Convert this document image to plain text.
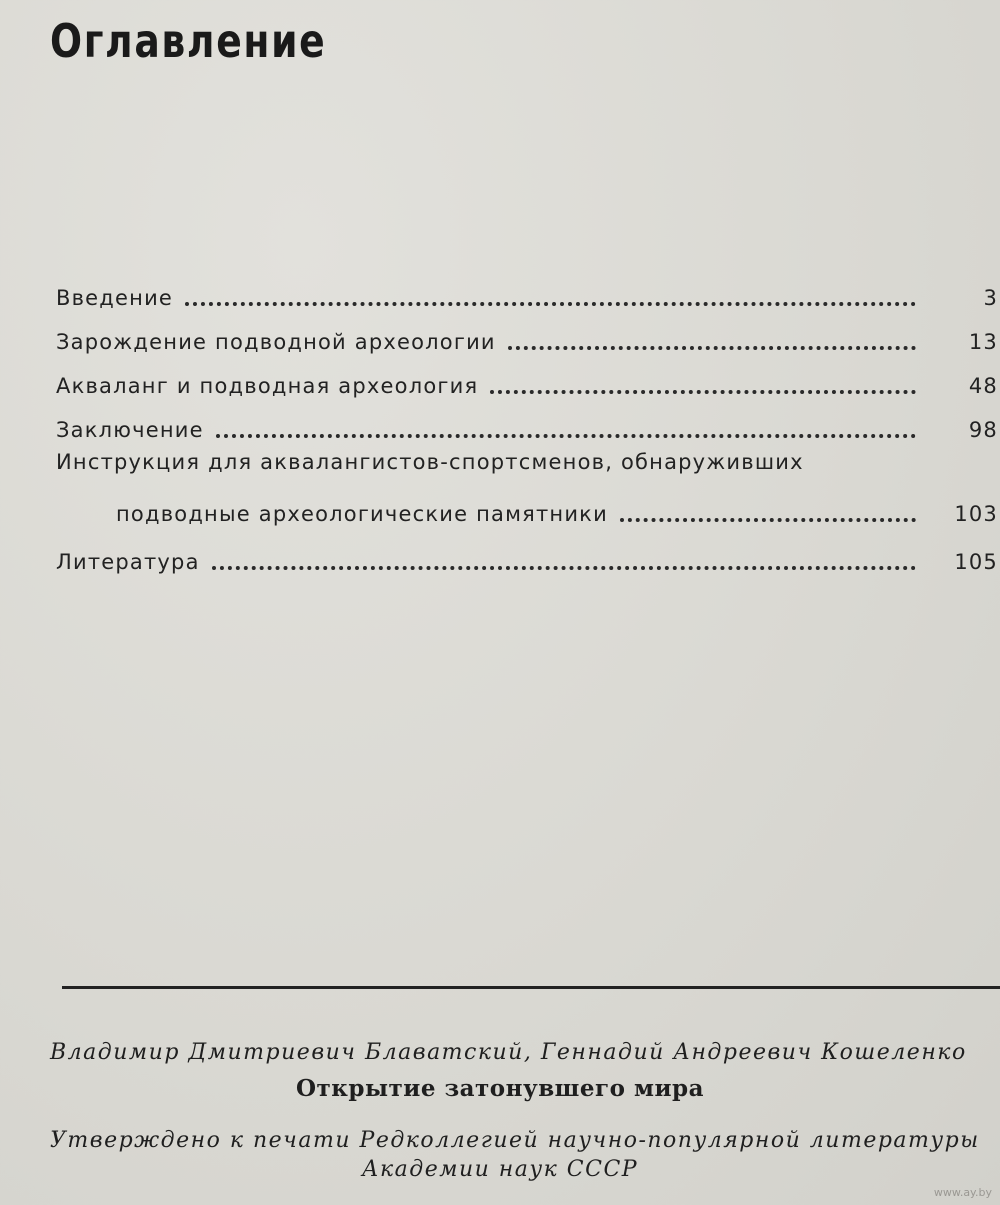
Оглавление
Введение	3
Зарождение подводной археологии	13
Акваланг и подводная археология	48
Заключение	98
Инструкция для аквалангистов-спортсменов, обнаруживших
подводные археологические памятники	103
Литература	105
Владимир Дмитриевич Блаватский, Геннадий Андреевич Кошеленко
Открытие затонувшего мира
Утверждено к печати Редколлегией научно-популярной литературы
Академии наук СССР
www.ay.by
